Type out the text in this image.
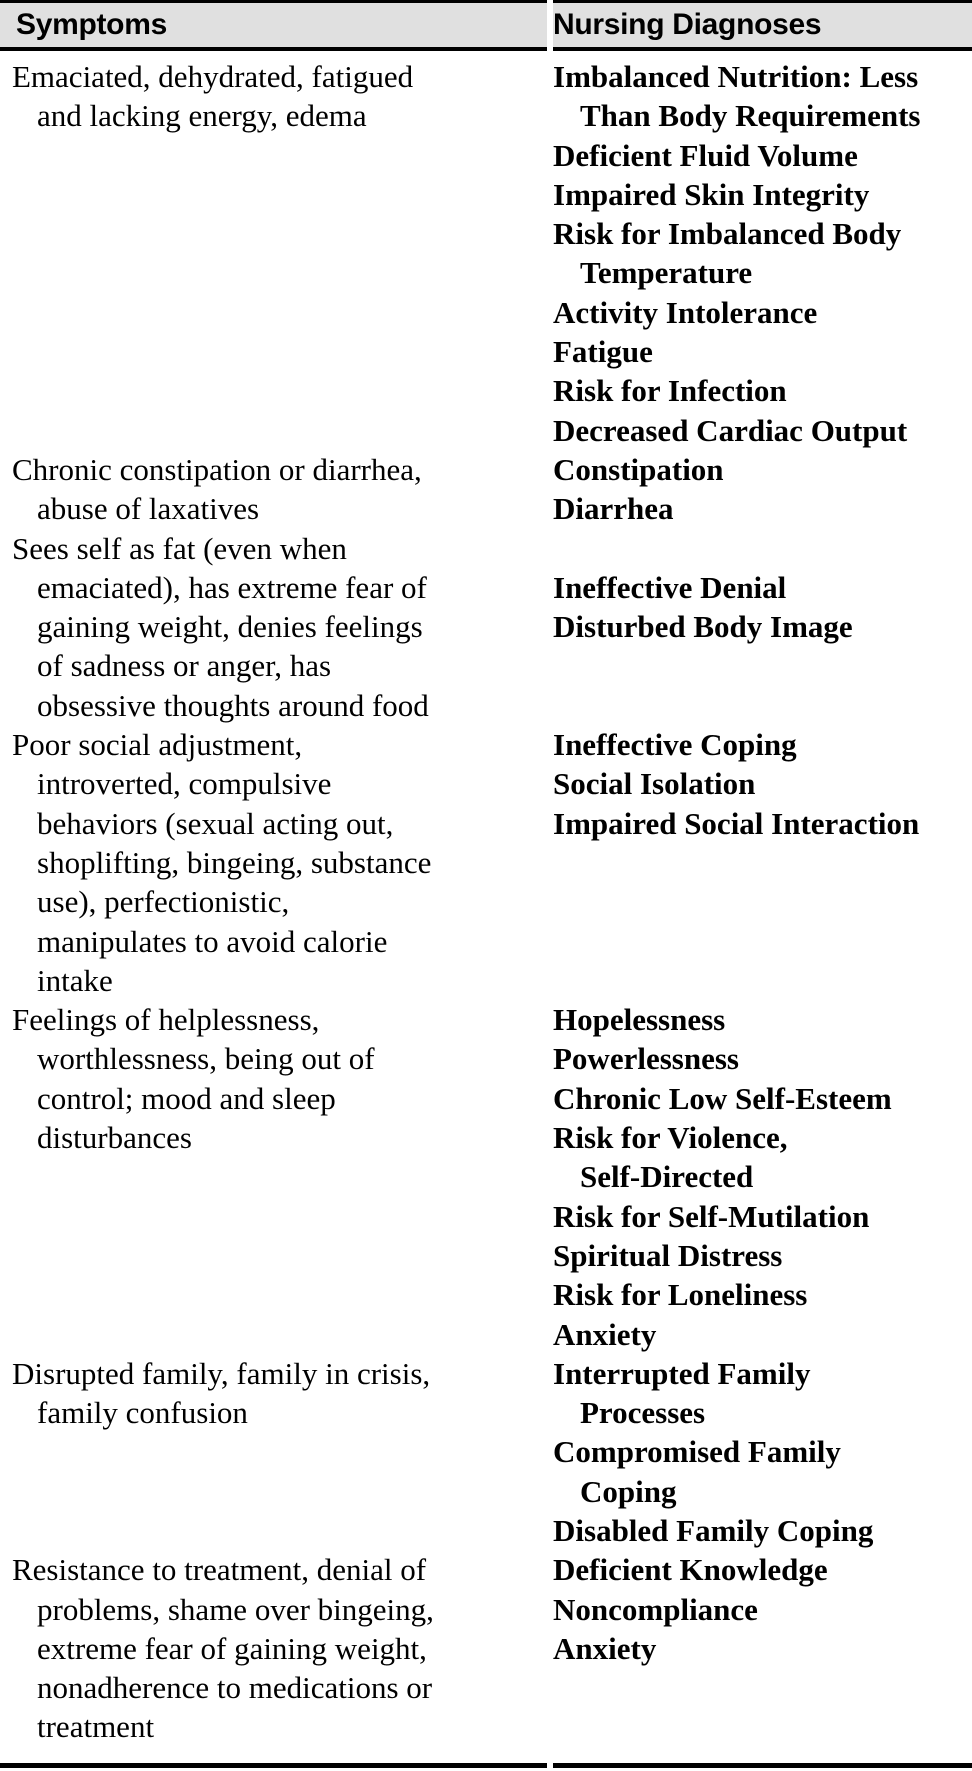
Symptoms	Nursing Diagnoses
Emaciated, dehydrated, fatigued and lacking energy, edema
Imbalanced Nutrition: Less Than Body Requirements
Deficient Fluid Volume
Impaired Skin Integrity
Risk for Imbalanced Body Temperature
Activity Intolerance
Fatigue
Risk for Infection
Decreased Cardiac Output
Chronic constipation or diarrhea, abuse of laxatives
Constipation
Diarrhea
Sees self as fat (even when emaciated), has extreme fear of gaining weight, denies feelings of sadness or anger, has obsessive thoughts around food
Ineffective Denial
Disturbed Body Image
Poor social adjustment, introverted, compulsive behaviors (sexual acting out, shoplifting, bingeing, substance use), perfectionistic, manipulates to avoid calorie intake
Ineffective Coping
Social Isolation
Impaired Social Interaction
Feelings of helplessness, worthlessness, being out of control; mood and sleep disturbances
Hopelessness
Powerlessness
Chronic Low Self‑Esteem
Risk for Violence, Self‑Directed
Risk for Self‑Mutilation
Spiritual Distress
Risk for Loneliness
Anxiety
Disrupted family, family in crisis, family confusion
Interrupted Family Processes
Compromised Family Coping
Disabled Family Coping
Resistance to treatment, denial of problems, shame over bingeing, extreme fear of gaining weight, nonadherence to medications or treatment
Deficient Knowledge
Noncompliance
Anxiety
